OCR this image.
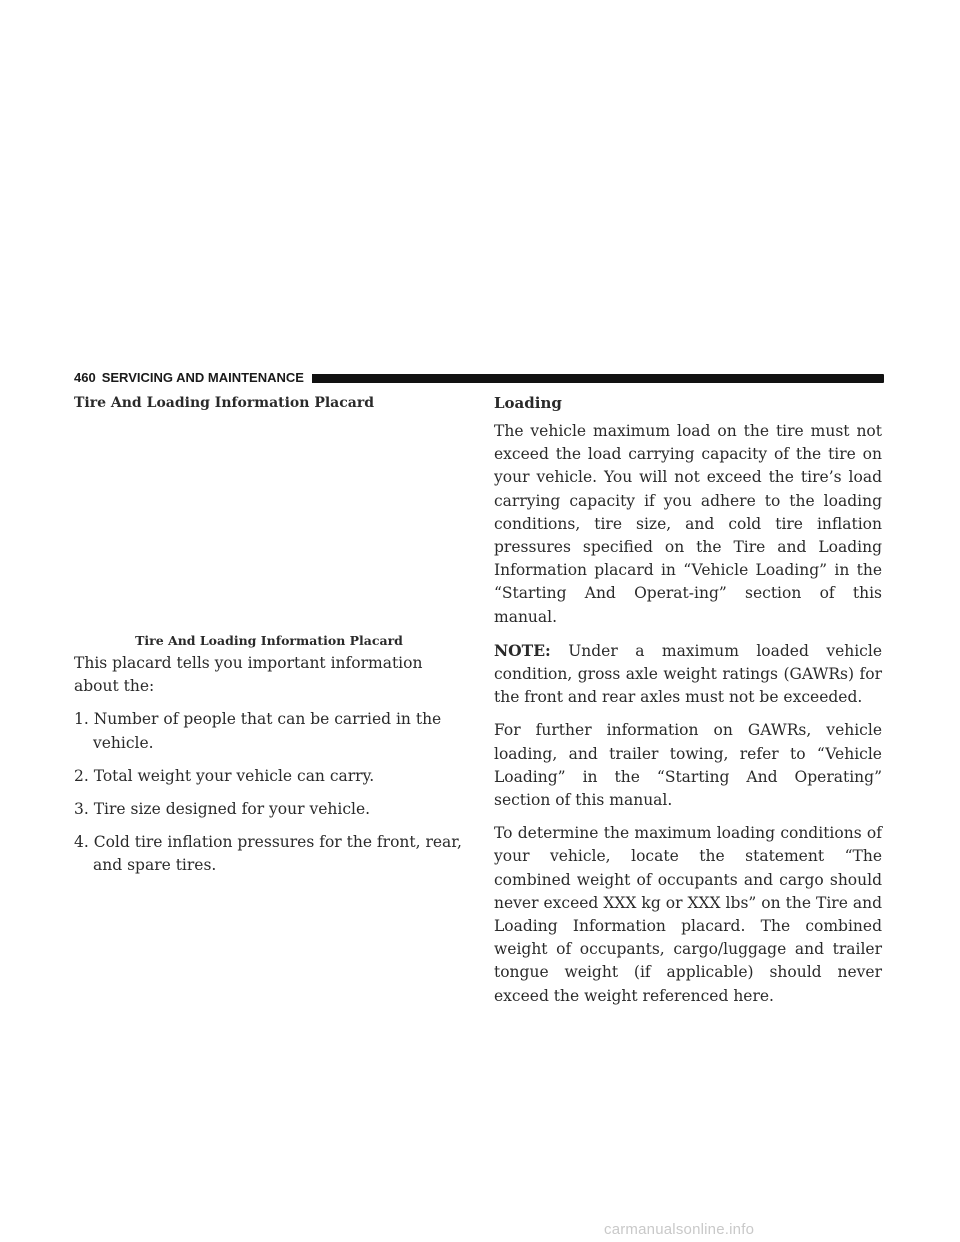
460 SERVICING AND MAINTENANCE

Tire And Loading Information Placard

Tire And Loading Information Placard

This placard tells you important information about the:

1. Number of people that can be carried in the vehicle.

2. Total weight your vehicle can carry.

3. Tire size designed for your vehicle.

4. Cold tire inflation pressures for the front, rear, and spare tires.

Loading

The vehicle maximum load on the tire must not exceed the load carrying capacity of the tire on your vehicle. You will not exceed the tire’s load carrying capacity if you adhere to the loading conditions, tire size, and cold tire inflation pressures specified on the Tire and Loading Information placard in “Vehicle Loading” in the “Starting And Operat-ing” section of this manual.

NOTE: Under a maximum loaded vehicle condition, gross axle weight ratings (GAWRs) for the front and rear axles must not be exceeded.

For further information on GAWRs, vehicle loading, and trailer towing, refer to “Vehicle Loading” in the “Starting And Operating” section of this manual.

To determine the maximum loading conditions of your vehicle, locate the statement “The combined weight of occupants and cargo should never exceed XXX kg or XXX lbs” on the Tire and Loading Information placard. The combined weight of occupants, cargo/luggage and trailer tongue weight (if applicable) should never exceed the weight referenced here.

carmanualsonline.info
